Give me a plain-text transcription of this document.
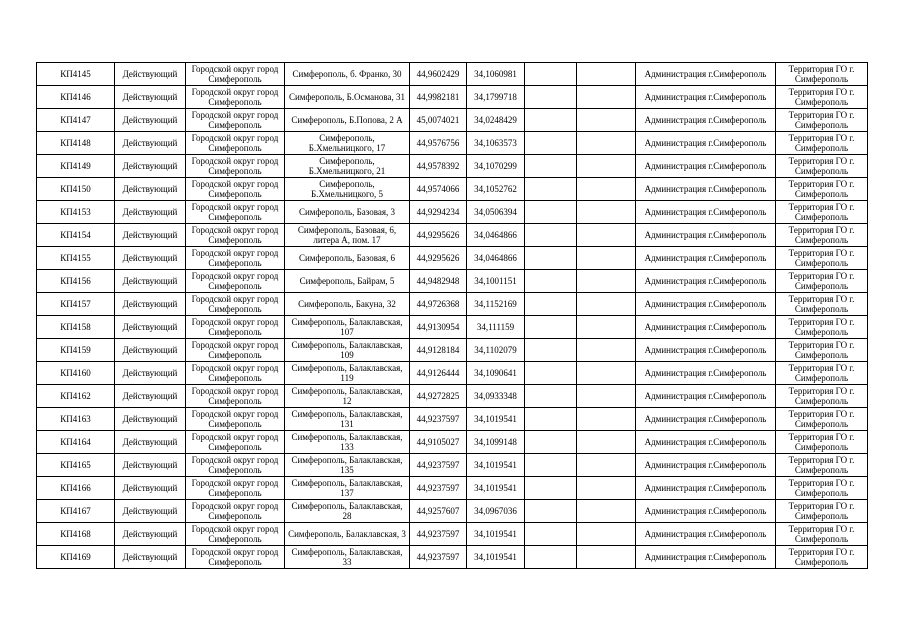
КП4145	Действующий	Городской округ город Симферополь	Симферополь, б. Франко, 30	44,9602429	34,1060981			Администрация г.Симферополь	Территория ГО г. Симферополь
КП4146	Действующий	Городской округ город Симферополь	Симферополь, Б.Османова, 31	44,9982181	34,1799718			Администрация г.Симферополь	Территория ГО г. Симферополь
КП4147	Действующий	Городской округ город Симферополь	Симферополь, Б.Попова, 2 А	45,0074021	34,0248429			Администрация г.Симферополь	Территория ГО г. Симферополь
КП4148	Действующий	Городской округ город Симферополь	Симферополь, Б.Хмельницкого, 17	44,9576756	34,1063573			Администрация г.Симферополь	Территория ГО г. Симферополь
КП4149	Действующий	Городской округ город Симферополь	Симферополь, Б.Хмельницкого, 21	44,9578392	34,1070299			Администрация г.Симферополь	Территория ГО г. Симферополь
КП4150	Действующий	Городской округ город Симферополь	Симферополь, Б.Хмельницкого, 5	44,9574066	34,1052762			Администрация г.Симферополь	Территория ГО г. Симферополь
КП4153	Действующий	Городской округ город Симферополь	Симферополь, Базовая, 3	44,9294234	34,0506394			Администрация г.Симферополь	Территория ГО г. Симферополь
КП4154	Действующий	Городской округ город Симферополь	Симферополь, Базовая, 6, литера А, пом. 17	44,9295626	34,0464866			Администрация г.Симферополь	Территория ГО г. Симферополь
КП4155	Действующий	Городской округ город Симферополь	Симферополь, Базовая, 6	44,9295626	34,0464866			Администрация г.Симферополь	Территория ГО г. Симферополь
КП4156	Действующий	Городской округ город Симферополь	Симферополь, Байрам, 5	44,9482948	34,1001151			Администрация г.Симферополь	Территория ГО г. Симферополь
КП4157	Действующий	Городской округ город Симферополь	Симферополь, Бакуна, 32	44,9726368	34,1152169			Администрация г.Симферополь	Территория ГО г. Симферополь
КП4158	Действующий	Городской округ город Симферополь	Симферополь, Балаклавская, 107	44,9130954	34,111159			Администрация г.Симферополь	Территория ГО г. Симферополь
КП4159	Действующий	Городской округ город Симферополь	Симферополь, Балаклавская, 109	44,9128184	34,1102079			Администрация г.Симферополь	Территория ГО г. Симферополь
КП4160	Действующий	Городской округ город Симферополь	Симферополь, Балаклавская, 119	44,9126444	34,1090641			Администрация г.Симферополь	Территория ГО г. Симферополь
КП4162	Действующий	Городской округ город Симферополь	Симферополь, Балаклавская, 12	44,9272825	34,0933348			Администрация г.Симферополь	Территория ГО г. Симферополь
КП4163	Действующий	Городской округ город Симферополь	Симферополь, Балаклавская, 131	44,9237597	34,1019541			Администрация г.Симферополь	Территория ГО г. Симферополь
КП4164	Действующий	Городской округ город Симферополь	Симферополь, Балаклавская, 133	44,9105027	34,1099148			Администрация г.Симферополь	Территория ГО г. Симферополь
КП4165	Действующий	Городской округ город Симферополь	Симферополь, Балаклавская, 135	44,9237597	34,1019541			Администрация г.Симферополь	Территория ГО г. Симферополь
КП4166	Действующий	Городской округ город Симферополь	Симферополь, Балаклавская, 137	44,9237597	34,1019541			Администрация г.Симферополь	Территория ГО г. Симферополь
КП4167	Действующий	Городской округ город Симферополь	Симферополь, Балаклавская, 28	44,9257607	34,0967036			Администрация г.Симферополь	Территория ГО г. Симферополь
КП4168	Действующий	Городской округ город Симферополь	Симферополь, Балаклавская, 3	44,9237597	34,1019541			Администрация г.Симферополь	Территория ГО г. Симферополь
КП4169	Действующий	Городской округ город Симферополь	Симферополь, Балаклавская, 33	44,9237597	34,1019541			Администрация г.Симферополь	Территория ГО г. Симферополь
